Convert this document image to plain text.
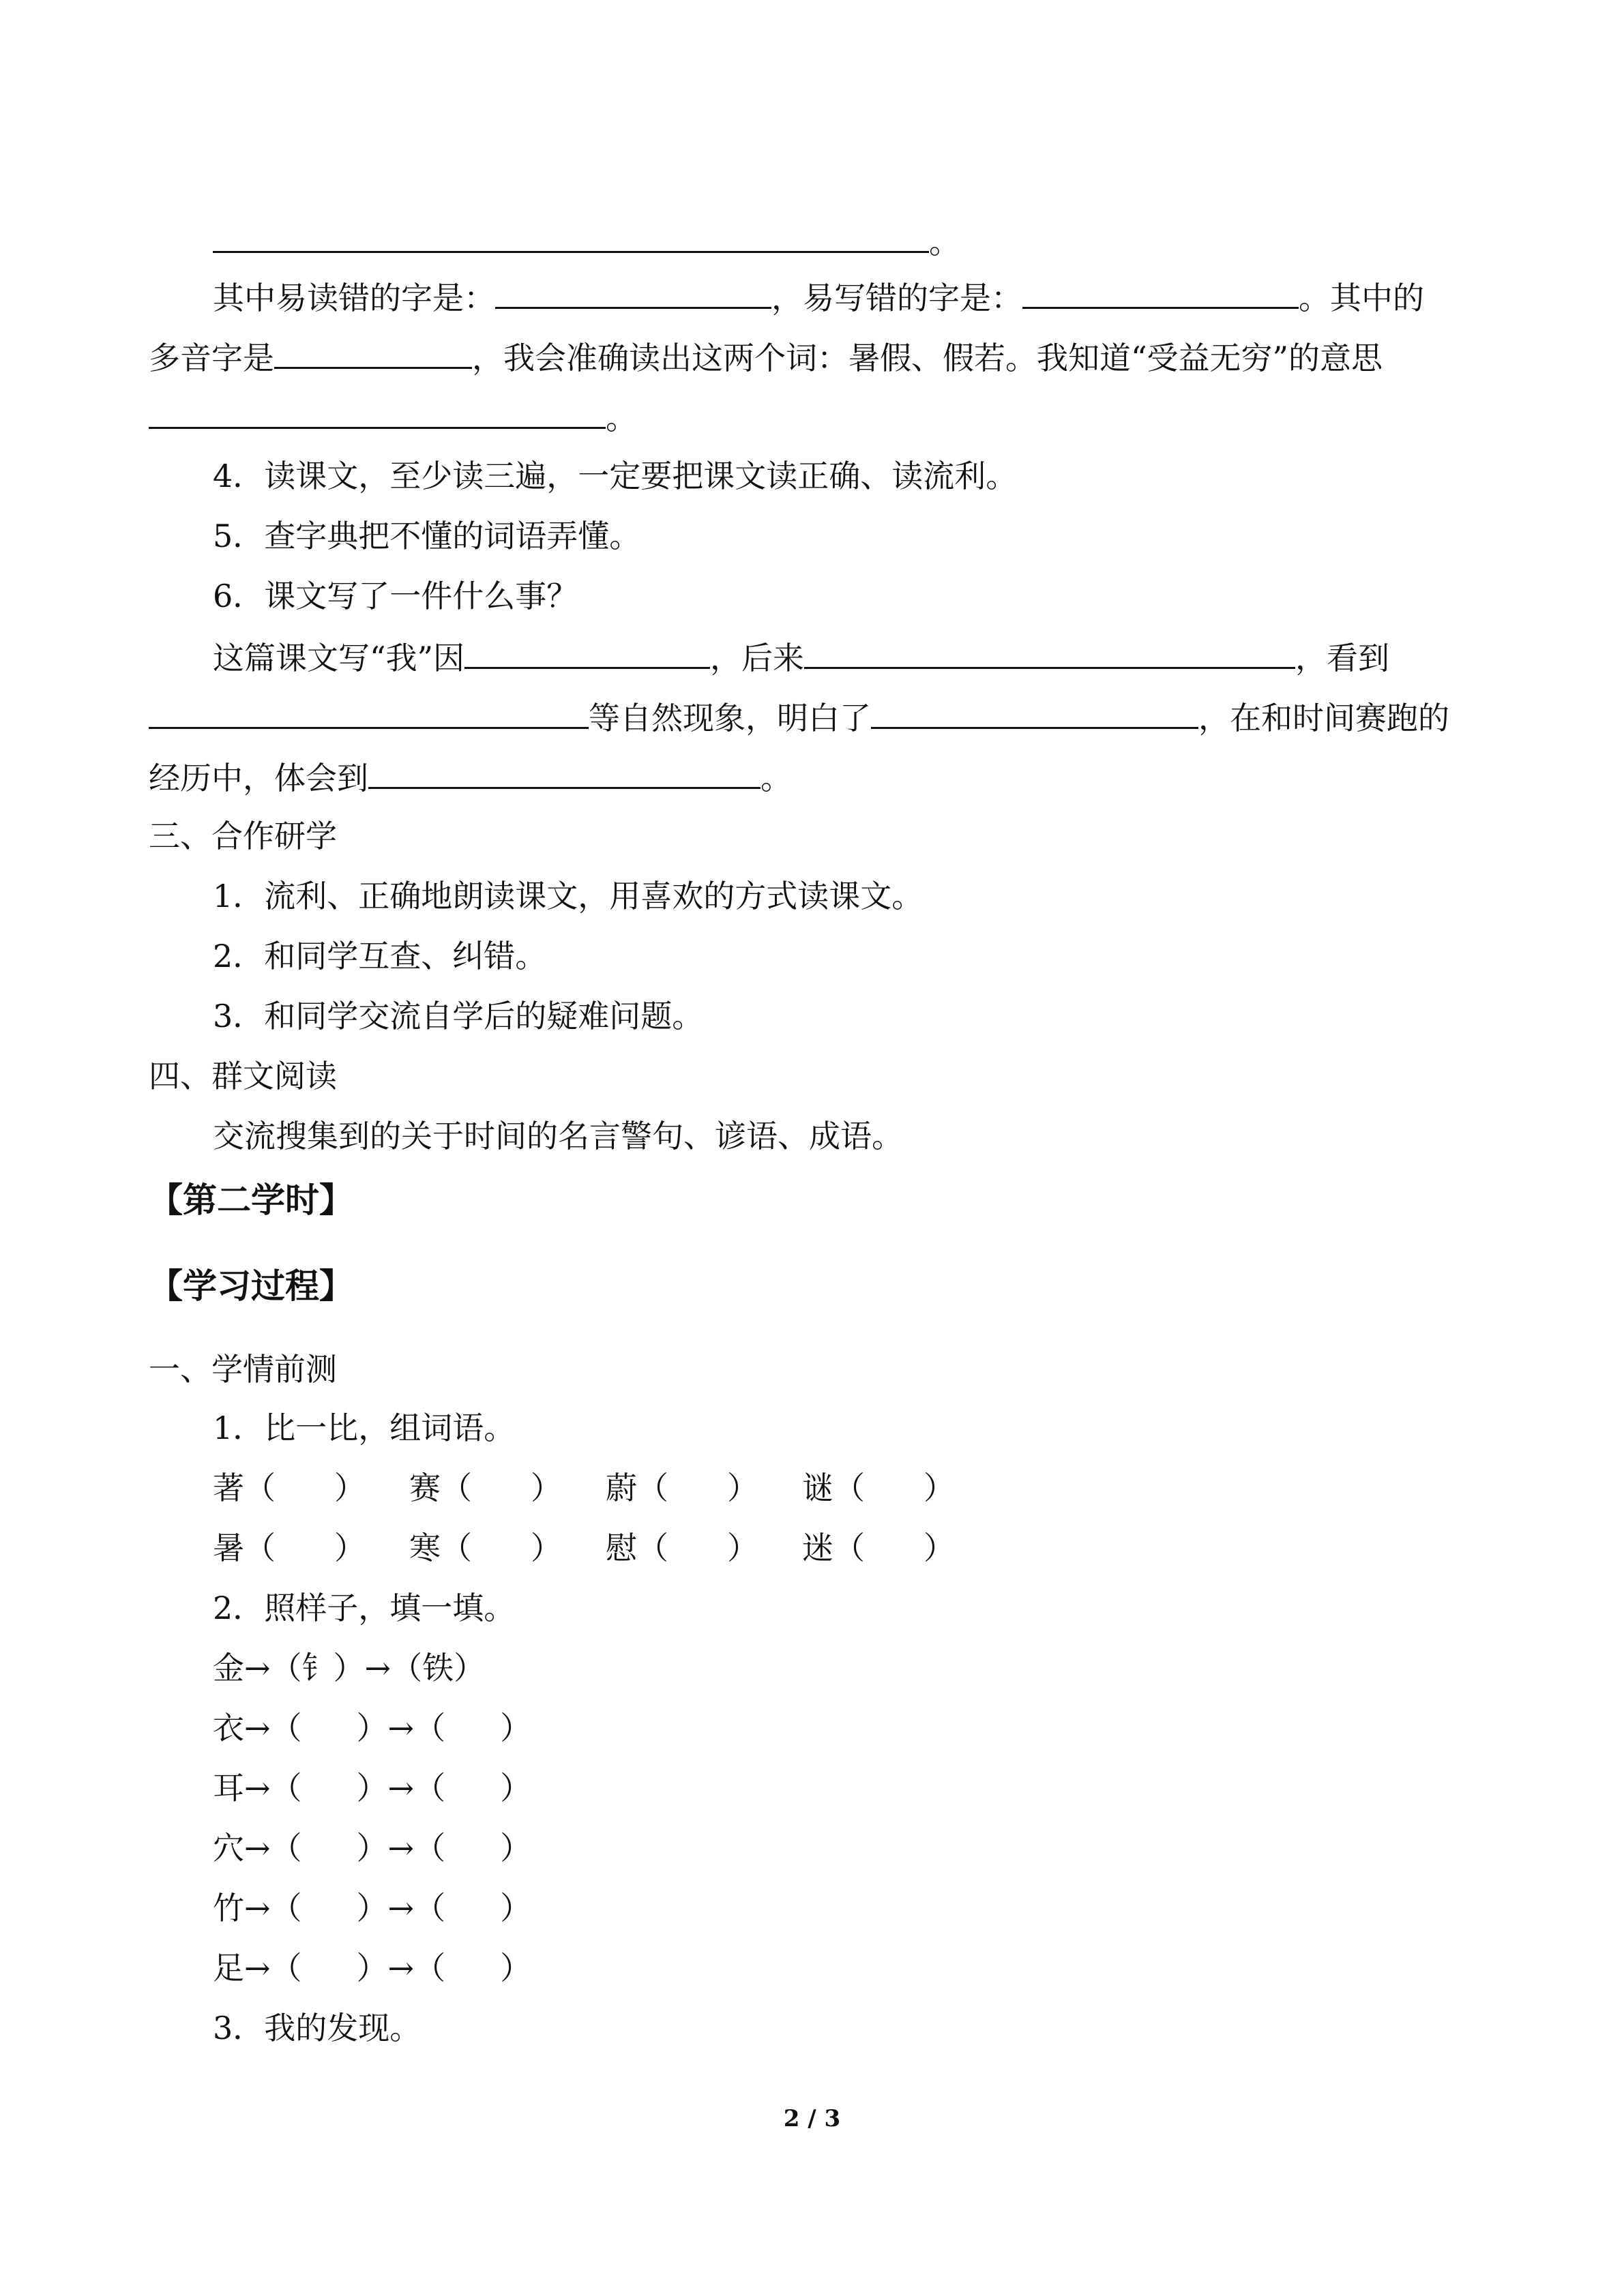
。
其中易读错的字是：	，易写错的字是：	。其中的
多音字是	，我会准确读出这两个词：暑假、假若。我知道“受益无穷”的意思
。
4．读课文，至少读三遍，一定要把课文读正确、读流利。
5．查字典把不懂的词语弄懂。
6．课文写了一件什么事？
这篇课文写“我”因	，后来	，看到
等自然现象，明白了	，在和时间赛跑的
经历中，体会到	。
三、合作研学
1．流利、正确地朗读课文，用喜欢的方式读课文。
2．和同学互查、纠错。
3．和同学交流自学后的疑难问题。
四、群文阅读
交流搜集到的关于时间的名言警句、谚语、成语。
【第二学时】
【学习过程】
一、学情前测
1．比一比，组词语。
著（ ） 赛（ ） 蔚（ ） 谜（ ）
暑（ ） 寒（ ） 慰（ ） 迷（ ）
2．照样子，填一填。
金→（钅）→（铁）
衣→（ ）→（ ）
耳→（ ）→（ ）
穴→（ ）→（ ）
竹→（ ）→（ ）
足→（ ）→（ ）
3．我的发现。
2 / 3
